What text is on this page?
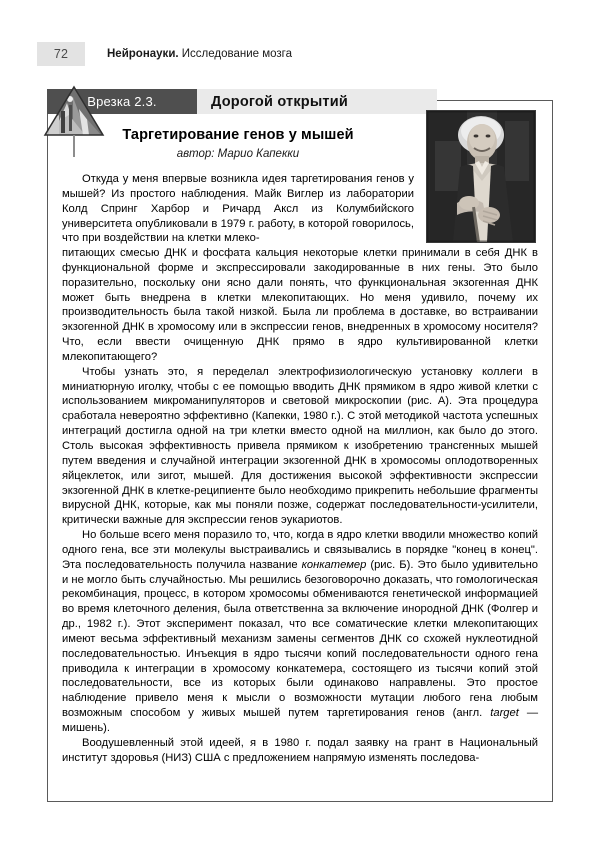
72	Нейронауки. Исследование мозга
Врезка 2.3.	Дорогой открытий
Таргетирование генов у мышей
автор: Марио Капекки
Откуда у меня впервые возникла идея таргетирования генов у мышей? Из простого наблюдения. Майк Виглер из лаборатории Колд Спринг Харбор и Ричард Аксл из Колумбийского университета опубликовали в 1979 г. работу, в которой говорилось, что при воздействии на клетки млеко-

питающих смесью ДНК и фосфата кальция некоторые клетки принимали в себя ДНК в функциональной форме и экспрессировали закодированные в них гены. Это было поразительно, поскольку они ясно дали понять, что функциональная экзогенная ДНК может быть внедрена в клетки млекопитающих. Но меня удивило, почему их производительность была такой низкой. Была ли проблема в доставке, во встраивании экзогенной ДНК в хромосому или в экспрессии генов, внедренных в хромосому носителя? Что, если ввести очищенную ДНК прямо в ядро культивированной клетки млекопитающего?

Чтобы узнать это, я переделал электрофизиологическую установку коллеги в миниатюрную иголку, чтобы с ее помощью вводить ДНК прямиком в ядро живой клетки с использованием микроманипуляторов и световой микроскопии (рис. А). Эта процедура сработала невероятно эффективно (Капекки, 1980 г.). С этой методикой частота успешных интеграций достигла одной на три клетки вместо одной на миллион, как было до этого. Столь высокая эффективность привела прямиком к изобретению трансгенных мышей путем введения и случайной интеграции экзогенной ДНК в хромосомы оплодотворенных яйцеклеток, или зигот, мышей. Для достижения высокой эффективности экспрессии экзогенной ДНК в клетке-реципиенте было необходимо прикрепить небольшие фрагменты вирусной ДНК, которые, как мы поняли позже, содержат последовательности-усилители, критически важные для экспрессии генов эукариотов.

Но больше всего меня поразило то, что, когда в ядро клетки вводили множество копий одного гена, все эти молекулы выстраивались и связывались в порядке "конец в конец". Эта последовательность получила название конкатемер (рис. Б). Это было удивительно и не могло быть случайностью. Мы решились безоговорочно доказать, что гомологическая рекомбинация, процесс, в котором хромосомы обмениваются генетической информацией во время клеточного деления, была ответственна за включение инородной ДНК (Фолгер и др., 1982 г.). Этот эксперимент показал, что все соматические клетки млекопитающих имеют весьма эффективный механизм замены сегментов ДНК со схожей нуклеотидной последовательностью. Инъекция в ядро тысячи копий последовательности одного гена приводила к интеграции в хромосому конкатемера, состоящего из тысячи копий этой последовательности, все из которых были одинаково направлены. Это простое наблюдение привело меня к мысли о возможности мутации любого гена любым возможным способом у живых мышей путем таргетирования генов (англ. target — мишень).

Воодушевленный этой идеей, я в 1980 г. подал заявку на грант в Национальный институт здоровья (НИЗ) США с предложением напрямую изменять последова-
